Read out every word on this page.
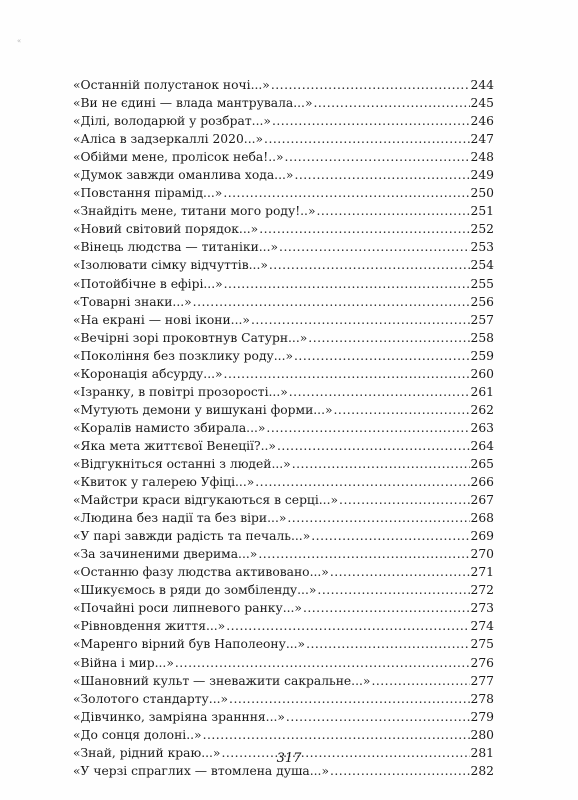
«
«Останній полустанок ночі...» .....	244
«Ви не єдині — влада мантрувала...» .....	245
«Ділі, володарюй у розбрат...» .....	246
«Аліса в задзеркаллі 2020...» .....	247
«Обійми мене, пролісок неба!..» .....	248
«Думок завжди оманлива хода...» .....	249
«Повстання пірамід...» .....	250
«Знайдіть мене, титани мого роду!..» .....	251
«Новий світовий порядок...» .....	252
«Вінець людства — титаніки...» .....	253
«Ізолювати сімку відчуттів...» .....	254
«Потойбічне в ефірі...» .....	255
«Товарні знаки...» .....	256
«На екрані — нові ікони...» .....	257
«Вечірні зорі проковтнув Сатурн...» .....	258
«Покоління без позклику роду...» .....	259
«Коронація абсурду...» .....	260
«Ізранку, в повітрі прозорості...» .....	261
«Мутують демони у вишукані форми...» .....	262
«Коралів намисто збирала...» .....	263
«Яка мета життєвої Венеції?..» .....	264
«Відгукніться останні з людей...» .....	265
«Квиток у галерею Уфіці...» .....	266
«Майстри краси відгукаються в серці...» .....	267
«Людина без надії та без віри...» .....	268
«У парі завжди радість та печаль...» .....	269
«За зачиненими дверима...» .....	270
«Останню фазу людства активовано...» .....	271
«Шикуємось в ряди до зомбіленду...» .....	272
«Почайні роси липневого ранку...» .....	273
«Рівновдення життя...» .....	274
«Маренго вірний був Наполеону...» .....	275
«Війна і мир...» .....	276
«Шановний культ — зневажити сакральне...» .....	277
«Золотого стандарту...» .....	278
«Дівчинко, замріяна зранння...» .....	279
«До сонця долоні..» .....	280
«Знай, рідний краю...» .....	281
«У черзі спраглих — втомлена душа...» .....	282
317
